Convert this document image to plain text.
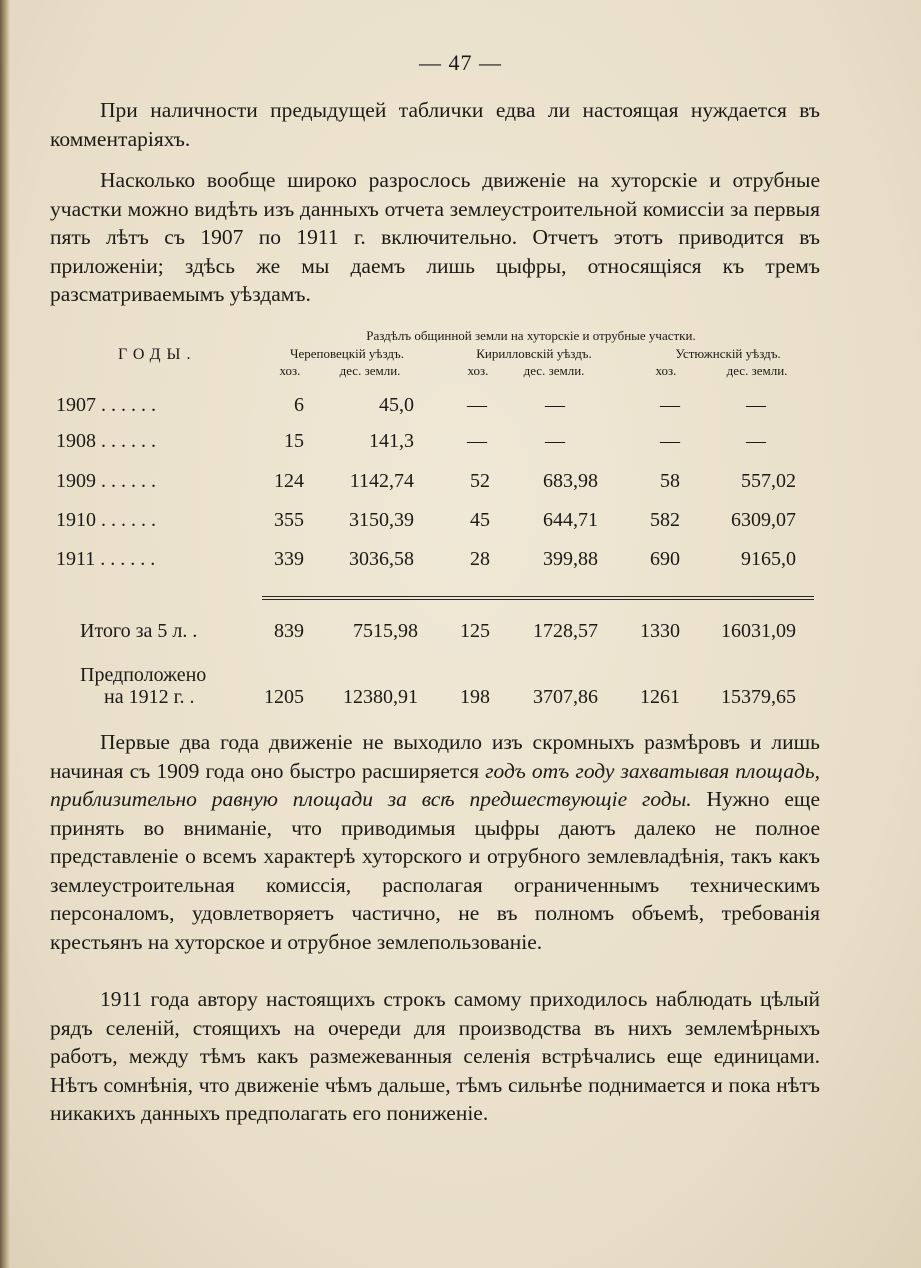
— 47 —

При наличности предыдущей таблички едва ли настоящая нуждается въ комментаріяхъ.

Насколько вообще широко разрослось движеніе на хуторскіе и отрубные участки можно видѣть изъ данныхъ отчета землеустроительной комиссіи за первыя пять лѣтъ съ 1907 по 1911 г. включительно. Отчетъ этотъ приводится въ приложеніи; здѣсь же мы даемъ лишь цыфры, относящіяся къ тремъ разсматриваемымъ уѣздамъ.

Раздѣлъ общинной земли на хуторскіе и отрубные участки.
ГОДЫ.	Череповецкій уѣздъ.	Кирилловскій уѣздъ.	Устюжнскій уѣздъ.
хоз.	дес. земли.	хоз.	дес. земли.	хоз.	дес. земли.
1907 . . . . . .	6	45,0	—	—	—	—
1908 . . . . . .	15	141,3	—	—	—	—
1909 . . . . . .	124	1142,74	52	683,98	58	557,02
1910 . . . . . .	355	3150,39	45	644,71	582	6309,07
1911 . . . . . .	339	3036,58	28	399,88	690	9165,0
Итого за 5 л. .	839	7515,98	125	1728,57	1330	16031,09
Предположено
на 1912 г. .	1205	12380,91	198	3707,86	1261	15379,65

Первые два года движеніе не выходило изъ скромныхъ размѣровъ и лишь начиная съ 1909 года оно быстро расширяется годъ отъ году захватывая площадь, приблизительно равную площади за всѣ предшествующіе годы. Нужно еще принять во вниманіе, что приводимыя цыфры даютъ далеко не полное представленіе о всемъ характерѣ хуторского и отрубного землевладѣнія, такъ какъ землеустроительная комиссія, располагая ограниченнымъ техническимъ персоналомъ, удовлетворяетъ частично, не въ полномъ объемѣ, требованія крестьянъ на хуторское и отрубное землепользованіе.

1911 года автору настоящихъ строкъ самому приходилось наблюдать цѣлый рядъ селеній, стоящихъ на очереди для производства въ нихъ землемѣрныхъ работъ, между тѣмъ какъ размежеванныя селенія встрѣчались еще единицами. Нѣтъ сомнѣнія, что движеніе чѣмъ дальше, тѣмъ сильнѣе поднимается и пока нѣтъ никакихъ данныхъ предполагать его пониженіе.
